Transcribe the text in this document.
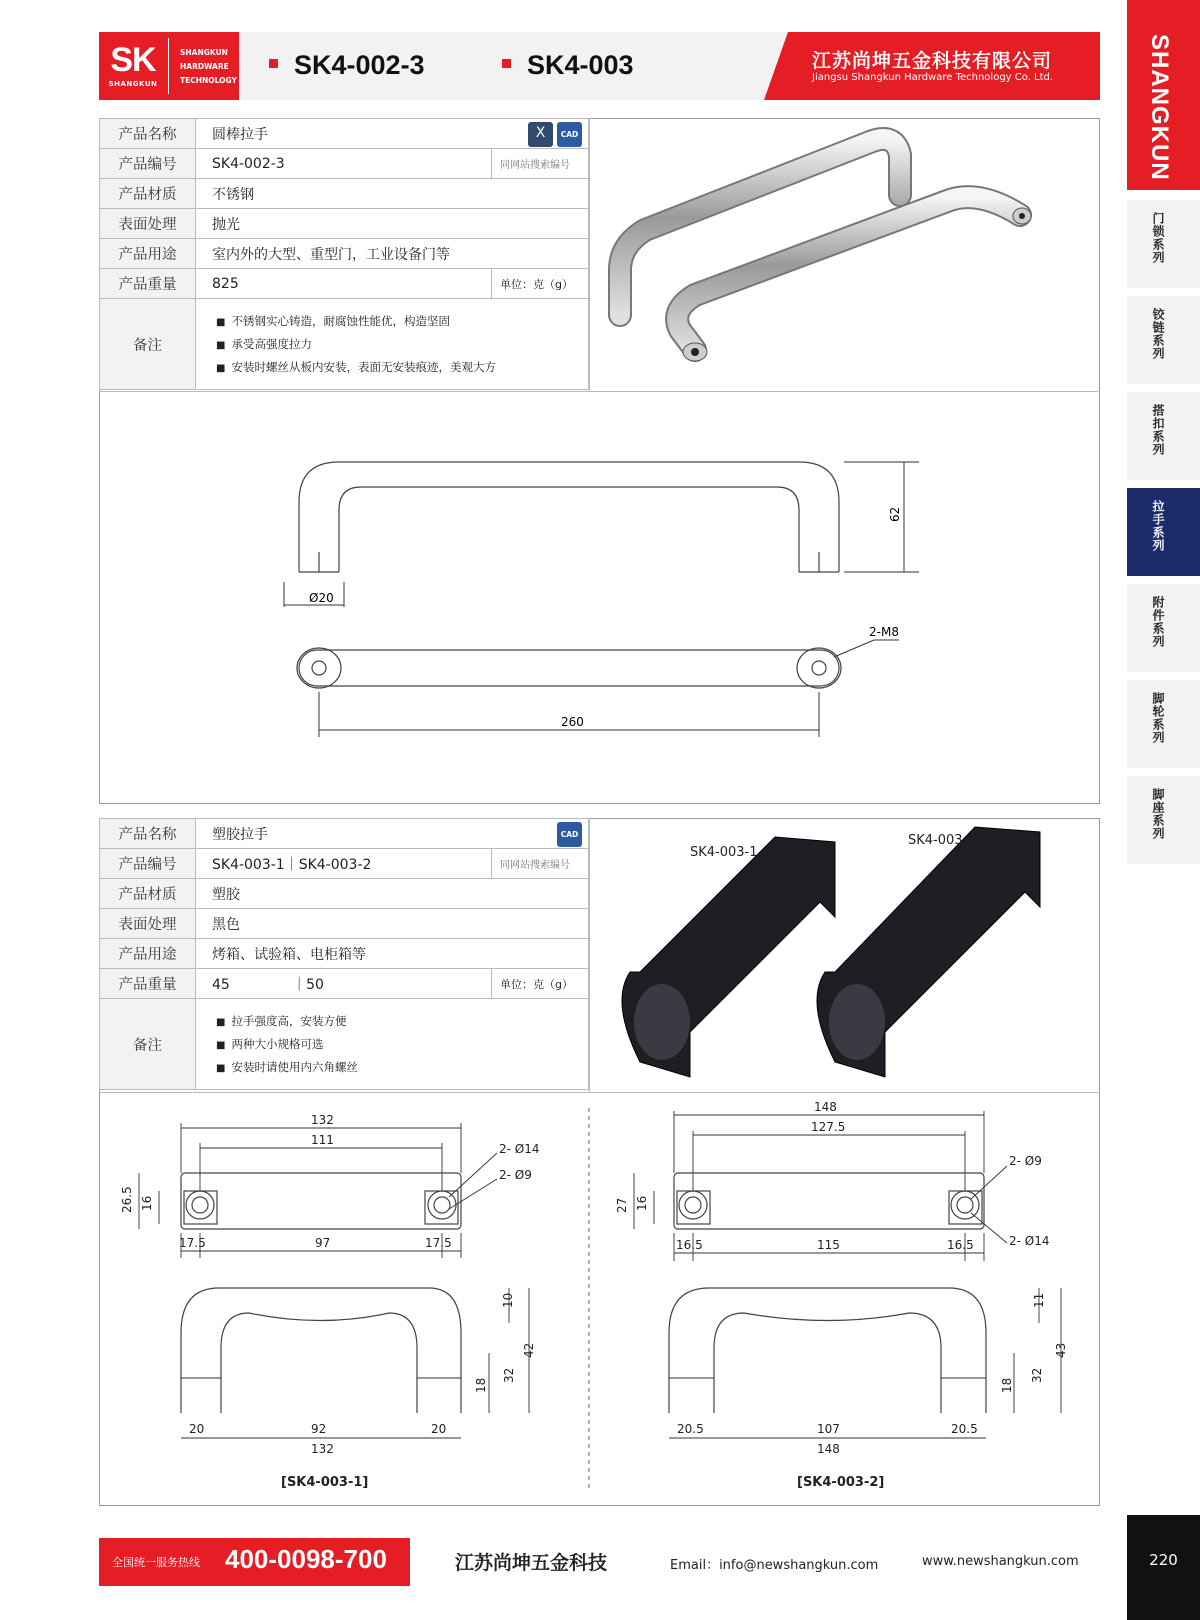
SK
SHANGKUN
SHANGKUN
HARDWARE
TECHNOLOGY
SK4-002-3	SK4-003	江苏尚坤五金科技有限公司
Jiangsu Shangkun Hardware Technology Co. Ltd.	SHANGKUN
门锁系列
铰链系列
搭扣系列
拉手系列
附件系列
脚轮系列
脚座系列
产品名称	圆棒拉手 X CAD	

产品编号	SK4-002-3	同网站搜索编号
产品材质	不锈钢	
表面处理	抛光	
产品用途	室内外的大型、重型门，工业设备门等	
产品重量	825	单位：克（g）
备注	■ 不锈钢实心铸造，耐腐蚀性能优，构造坚固
■ 承受高强度拉力
■ 安装时螺丝从板内安装，表面无安装痕迹，美观大方
Ø20
62
2-M8
260
产品名称	塑胶拉手 CAD	

产品编号	SK4-003-1｜SK4-003-2	同网站搜索编号
产品材质	塑胶	
表面处理	黑色	
产品用途	烤箱、试验箱、电柜箱等	
产品重量	45              ｜50	单位：克（g）
备注	■ 拉手强度高，安装方便
■ 两种大小规格可选
■ 安装时请使用内六角螺丝
SK4-003-1
SK4-003-2
132
111
2- Ø14
2- Ø9
26.5 16
17.5	97	17.5
10
18
32
42
20	92	20
132
[SK4-003-1]
148
127.5
2- Ø9
2- Ø14
27 16
16.5	115	16.5
11
18
32
43
20.5	107	20.5
148
[SK4-003-2]
全国统一服务热线 400-0098-700	江苏尚坤五金科技	Email：info@newshangkun.com	www.newshangkun.com	220
